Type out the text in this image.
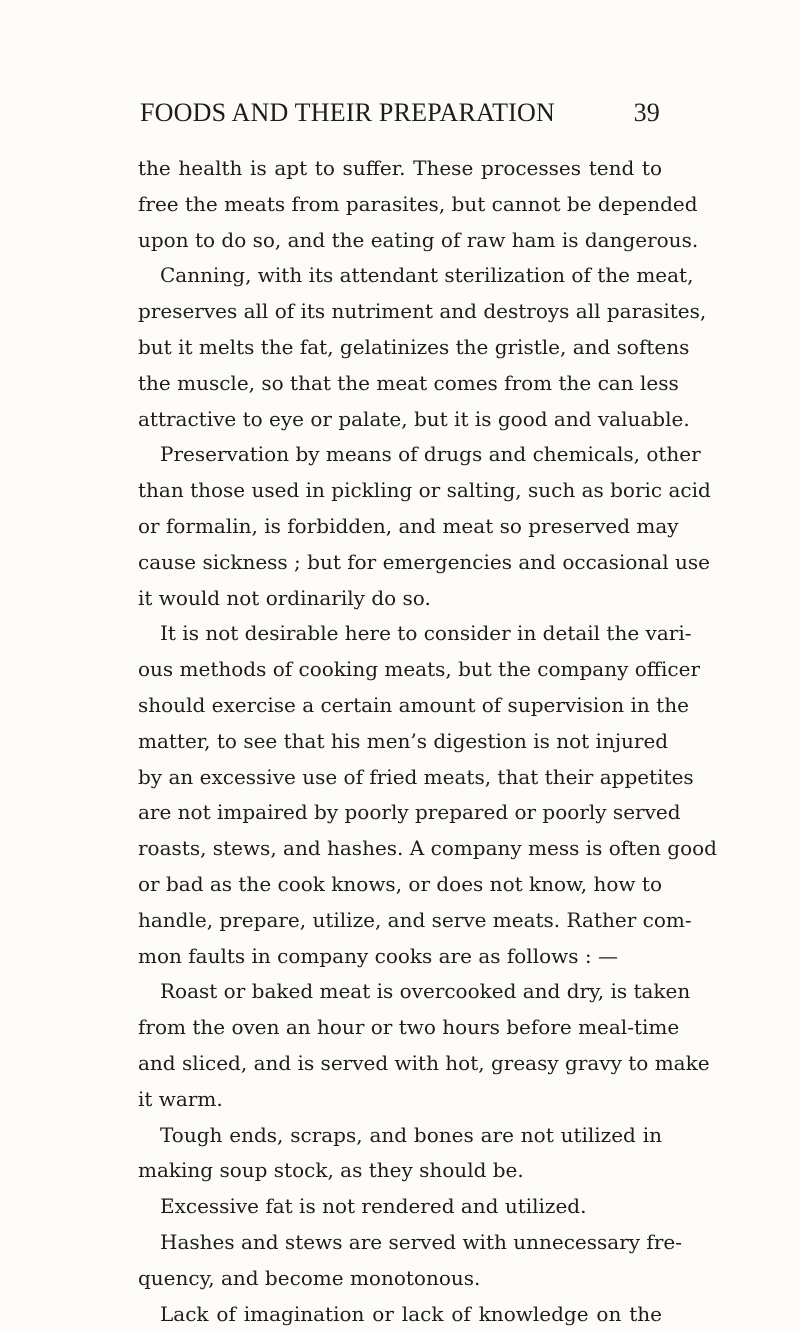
FOODS AND THEIR PREPARATION	39
the health is apt to suffer. These processes tend to
free the meats from parasites, but cannot be depended
upon to do so, and the eating of raw ham is dangerous.
Canning, with its attendant sterilization of the meat,
preserves all of its nutriment and destroys all parasites,
but it melts the fat, gelatinizes the gristle, and softens
the muscle, so that the meat comes from the can less
attractive to eye or palate, but it is good and valuable.
Preservation by means of drugs and chemicals, other
than those used in pickling or salting, such as boric acid
or formalin, is forbidden, and meat so preserved may
cause sickness ; but for emergencies and occasional use
it would not ordinarily do so.
It is not desirable here to consider in detail the vari-
ous methods of cooking meats, but the company officer
should exercise a certain amount of supervision in the
matter, to see that his men’s digestion is not injured
by an excessive use of fried meats, that their appetites
are not impaired by poorly prepared or poorly served
roasts, stews, and hashes. A company mess is often good
or bad as the cook knows, or does not know, how to
handle, prepare, utilize, and serve meats. Rather com-
mon faults in company cooks are as follows : —
Roast or baked meat is overcooked and dry, is taken
from the oven an hour or two hours before meal-time
and sliced, and is served with hot, greasy gravy to make
it warm.
Tough ends, scraps, and bones are not utilized in
making soup stock, as they should be.
Excessive fat is not rendered and utilized.
Hashes and stews are served with unnecessary fre-
quency, and become monotonous.
Lack of imagination or lack of knowledge on the
